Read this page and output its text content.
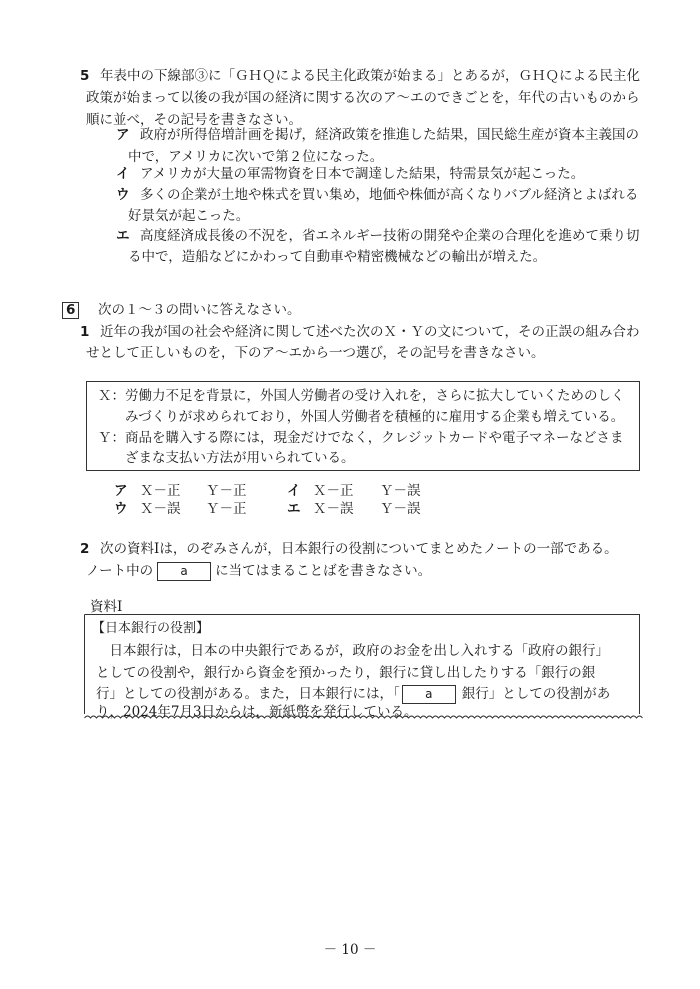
5 年表中の下線部③に「ＧＨＱによる民主化政策が始まる」とあるが，ＧＨＱによる民主化
政策が始まって以後の我が国の経済に関する次のア〜エのできごとを，年代の古いものから
順に並べ，その記号を書きなさい。
ア 政府が所得倍増計画を掲げ，経済政策を推進した結果，国民総生産が資本主義国の
中で，アメリカに次いで第２位になった。
イ アメリカが大量の軍需物資を日本で調達した結果，特需景気が起こった。
ウ 多くの企業が土地や株式を買い集め，地価や株価が高くなりバブル経済とよばれる
好景気が起こった。
エ 高度経済成長後の不況を，省エネルギー技術の開発や企業の合理化を進めて乗り切
る中で，造船などにかわって自動車や精密機械などの輸出が増えた。
6 次の１〜３の問いに答えなさい。
1 近年の我が国の社会や経済に関して述べた次のＸ・Ｙの文について，その正誤の組み合わ
せとして正しいものを，下のア〜エから一つ選び，その記号を書きなさい。
Ｘ：労働力不足を背景に，外国人労働者の受け入れを，さらに拡大していくためのしく
　　みづくりが求められており，外国人労働者を積極的に雇用する企業も増えている。
Ｙ：商品を購入する際には，現金だけでなく，クレジットカードや電子マネーなどさま
　　ざまな支払い方法が用いられている。
ア Ｘ－正 Ｙ－正	イ Ｘ－正 Ｙ－誤
ウ Ｘ－誤 Ｙ－正	エ Ｘ－誤 Ｙ－誤
2 次の資料Ⅰは，のぞみさんが，日本銀行の役割についてまとめたノートの一部である。
ノート中の a に当てはまることばを書きなさい。
資料Ⅰ
【日本銀行の役割】
　日本銀行は，日本の中央銀行であるが，政府のお金を出し入れする「政府の銀行」
としての役割や，銀行から資金を預かったり，銀行に貸し出したりする「銀行の銀
行」としての役割がある。また，日本銀行には，「 a 銀行」としての役割があ
り，2024年7月3日からは，新紙幣を発行している。
－ 10 －
